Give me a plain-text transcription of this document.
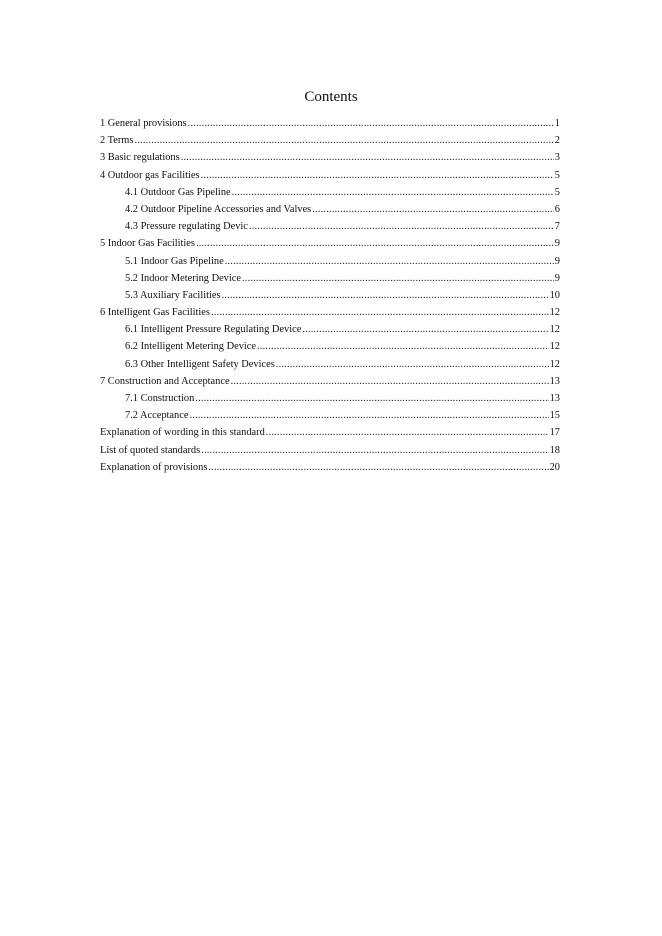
Contents
1 General provisions .....	1
2 Terms .....	2
3 Basic regulations .....	3
4 Outdoor gas Facilities .....	5
4.1 Outdoor Gas Pipeline .....	5
4.2 Outdoor Pipeline Accessories and Valves .....	6
4.3 Pressure regulating Devic .....	7
5 Indoor Gas Facilities .....	9
5.1 Indoor Gas Pipeline .....	9
5.2 Indoor Metering Device .....	9
5.3 Auxiliary Facilities .....	10
6 Intelligent Gas Facilities .....	12
6.1 Intelligent Pressure Regulating Device .....	12
6.2 Intelligent Metering Device .....	12
6.3 Other Intelligent Safety Devices .....	12
7 Construction and Acceptance .....	13
7.1 Construction .....	13
7.2 Acceptance .....	15
Explanation of wording in this standard .....	17
List of quoted standards .....	18
Explanation of provisions .....	20
